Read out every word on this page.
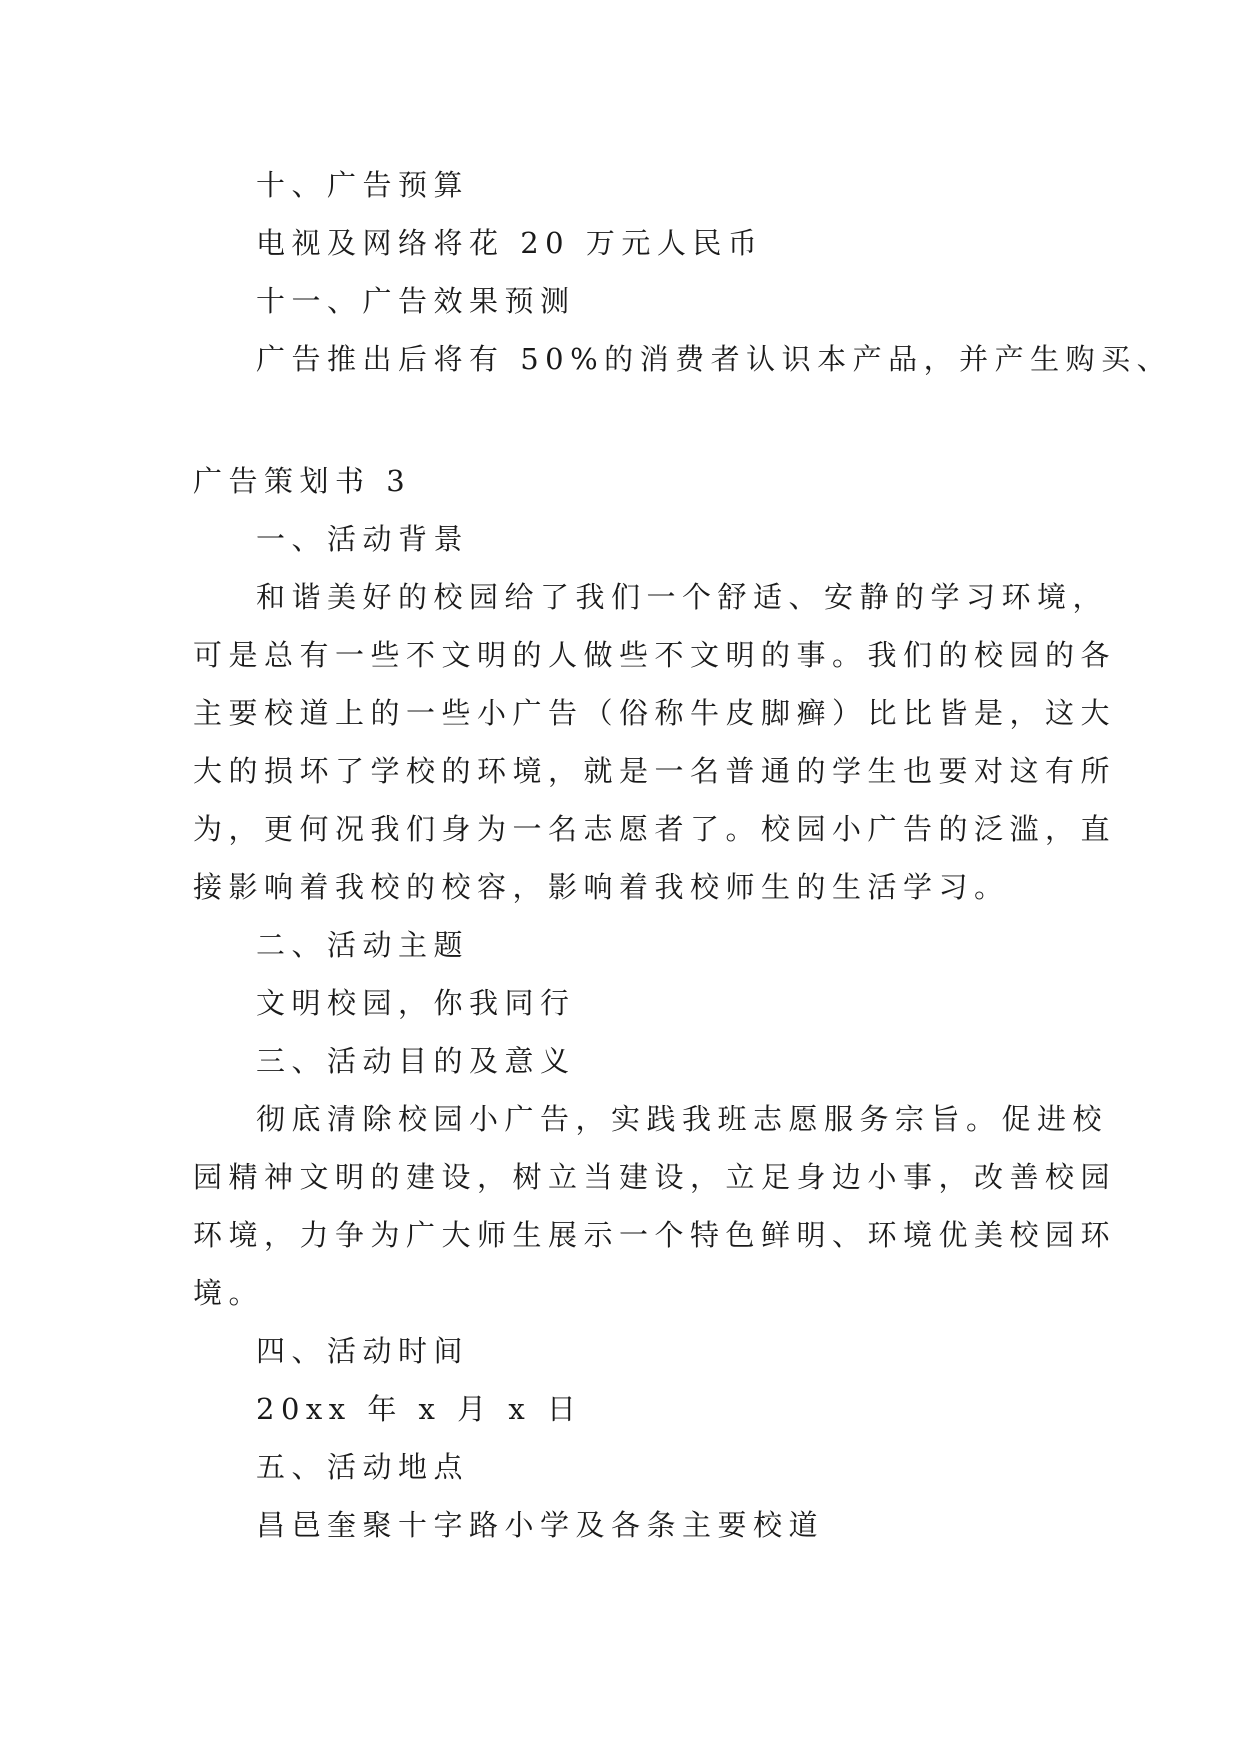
十、广告预算
电视及网络将花 20 万元人民币
十一、广告效果预测
广告推出后将有 50%的消费者认识本产品，并产生购买、
广告策划书 3
一、活动背景
和谐美好的校园给了我们一个舒适、安静的学习环境，
可是总有一些不文明的人做些不文明的事。我们的校园的各
主要校道上的一些小广告（俗称牛皮脚癣）比比皆是，这大
大的损坏了学校的环境，就是一名普通的学生也要对这有所
为，更何况我们身为一名志愿者了。校园小广告的泛滥，直
接影响着我校的校容，影响着我校师生的生活学习。
二、活动主题
文明校园，你我同行
三、活动目的及意义
彻底清除校园小广告，实践我班志愿服务宗旨。促进校
园精神文明的建设，树立当建设，立足身边小事，改善校园
环境，力争为广大师生展示一个特色鲜明、环境优美校园环
境。
四、活动时间
20xx 年 x 月 x 日
五、活动地点
昌邑奎聚十字路小学及各条主要校道
